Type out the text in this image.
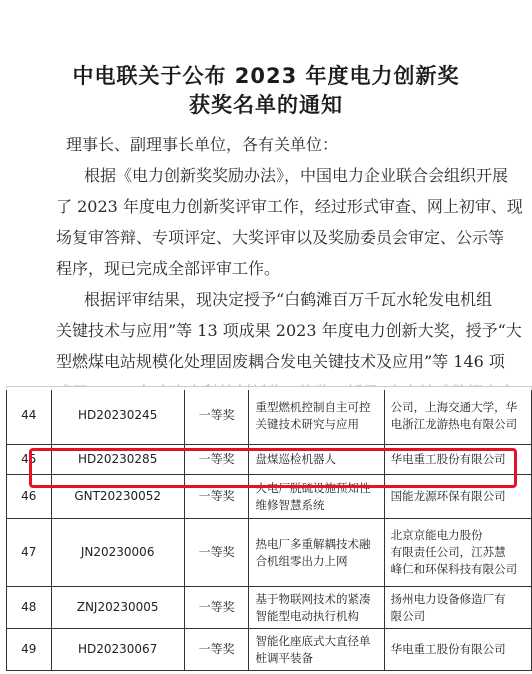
中电联关于公布 2023 年度电力创新奖
获奖名单的通知
理事长、副理事长单位，各有关单位：
根据《电力创新奖奖励办法》，中国电力企业联合会组织开展
了 2023 年度电力创新奖评审工作，经过形式审查、网上初审、现
场复审答辩、专项评定、大奖评审以及奖励委员会审定、公示等
程序，现已完成全部评审工作。
根据评审结果，现决定授予“白鹤滩百万千瓦水轮发电机组
关键技术与应用”等 13 项成果 2023 年度电力创新大奖，授予“大
型燃煤电站规模化处理固废耦合发电关键技术及应用”等 146 项
44	HD20230245	一等奖	重型燃机控制自主可控关键技术研究与应用	公司，上海交通大学，华
电浙江龙游热电有限公司

45	HD20230285	一等奖	盘煤巡检机器人	华电重工股份有限公司
46	GNT20230052	一等奖	火电厂脱硫设施预知性维修智慧系统	国能龙源环保有限公司
47	JN20230006	一等奖	热电厂多重解耦技术融合机组零出力上网	北京京能电力股份
有限责任公司，江苏慧
峰仁和环保科技有限公司

48	ZNJ20230005	一等奖	基于物联网技术的紧凑智能型电动执行机构	扬州电力设备修造厂有
限公司

49	HD20230067	一等奖	智能化座底式大直径单桩调平装备	华电重工股份有限公司
